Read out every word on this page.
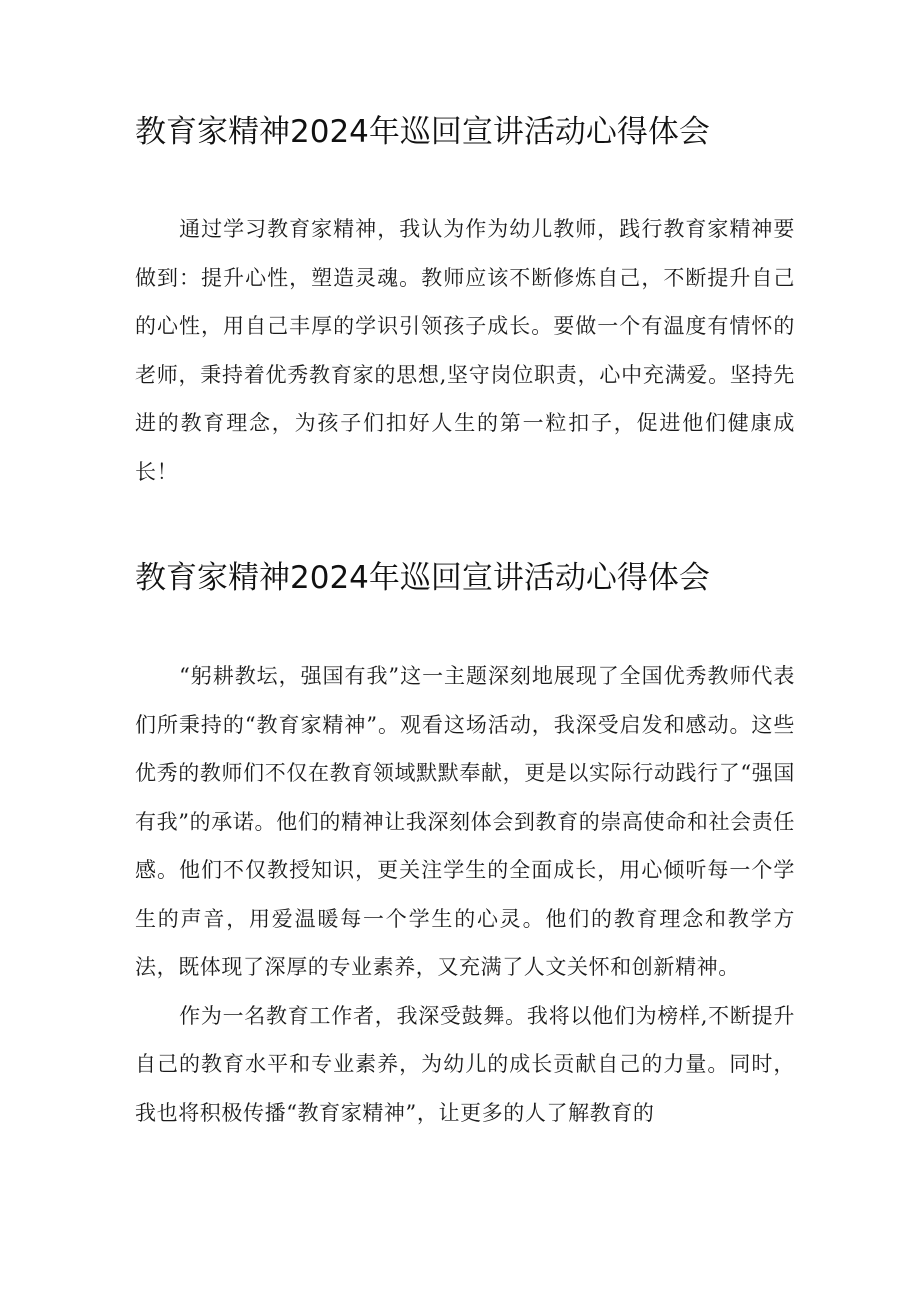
教育家精神2024年巡回宣讲活动心得体会

通过学习教育家精神，我认为作为幼儿教师，践行教育家精神要做到：提升心性，塑造灵魂。教师应该不断修炼自己，不断提升自己的心性，用自己丰厚的学识引领孩子成长。要做一个有温度有情怀的老师，秉持着优秀教育家的思想,坚守岗位职责，心中充满爱。坚持先进的教育理念，为孩子们扣好人生的第一粒扣子，促进他们健康成长！

教育家精神2024年巡回宣讲活动心得体会

“躬耕教坛，强国有我”这一主题深刻地展现了全国优秀教师代表们所秉持的“教育家精神”。观看这场活动，我深受启发和感动。这些优秀的教师们不仅在教育领域默默奉献，更是以实际行动践行了“强国有我”的承诺。他们的精神让我深刻体会到教育的崇高使命和社会责任感。他们不仅教授知识，更关注学生的全面成长，用心倾听每一个学生的声音，用爱温暖每一个学生的心灵。他们的教育理念和教学方法，既体现了深厚的专业素养，又充满了人文关怀和创新精神。

作为一名教育工作者，我深受鼓舞。我将以他们为榜样,不断提升自己的教育水平和专业素养，为幼儿的成长贡献自己的力量。同时，我也将积极传播“教育家精神”，让更多的人了解教育的
